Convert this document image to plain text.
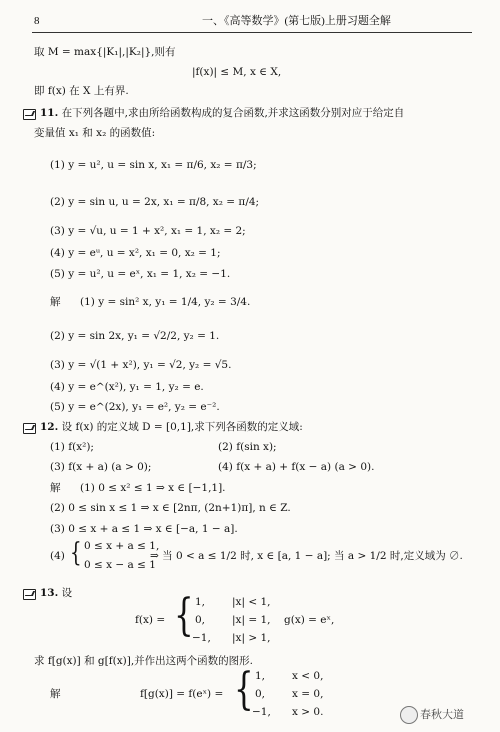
8	一、《高等数学》(第七版)上册习题全解
取 M = max{|K₁|,|K₂|},则有
|f(x)| ≤ M, x ∈ X,
即 f(x) 在 X 上有界.
11. 在下列各题中,求由所给函数构成的复合函数,并求这函数分别对应于给定自
变量值 x₁ 和 x₂ 的函数值:
(1) y = u², u = sin x, x₁ = π/6, x₂ = π/3;
(2) y = sin u, u = 2x, x₁ = π/8, x₂ = π/4;
(3) y = √u, u = 1 + x², x₁ = 1, x₂ = 2;
(4) y = eᵘ, u = x², x₁ = 0, x₂ = 1;
(5) y = u², u = eˣ, x₁ = 1, x₂ = −1.
解 (1) y = sin² x, y₁ = 1/4, y₂ = 3/4.
(2) y = sin 2x, y₁ = √2/2, y₂ = 1.
(3) y = √(1 + x²), y₁ = √2, y₂ = √5.
(4) y = e^(x²), y₁ = 1, y₂ = e.
(5) y = e^(2x), y₁ = e², y₂ = e⁻².
12. 设 f(x) 的定义域 D = [0,1],求下列各函数的定义域:
(1) f(x²);	(2) f(sin x);
(3) f(x + a) (a > 0);	(4) f(x + a) + f(x − a) (a > 0).
解 (1) 0 ≤ x² ≤ 1 ⇒ x ∈ [−1,1].
(2) 0 ≤ sin x ≤ 1 ⇒ x ∈ [2nπ, (2n+1)π], n ∈ Z.
(3) 0 ≤ x + a ≤ 1 ⇒ x ∈ [−a, 1 − a].
(4) { 0 ≤ x + a ≤ 1,
0 ≤ x − a ≤ 1
⇒ 当 0 < a ≤ 1/2 时, x ∈ [a, 1 − a]; 当 a > 1/2 时,定义域为 ∅.
13. 设
f(x) = { 1,	|x| < 1,
0,	|x| = 1,
−1, |x| > 1,
g(x) = eˣ,
求 f[g(x)] 和 g[f(x)],并作出这两个函数的图形.
解	f[g(x)] = f(eˣ) = { 1,	x < 0,
0,	x = 0,
−1, x > 0.	春秋大道
